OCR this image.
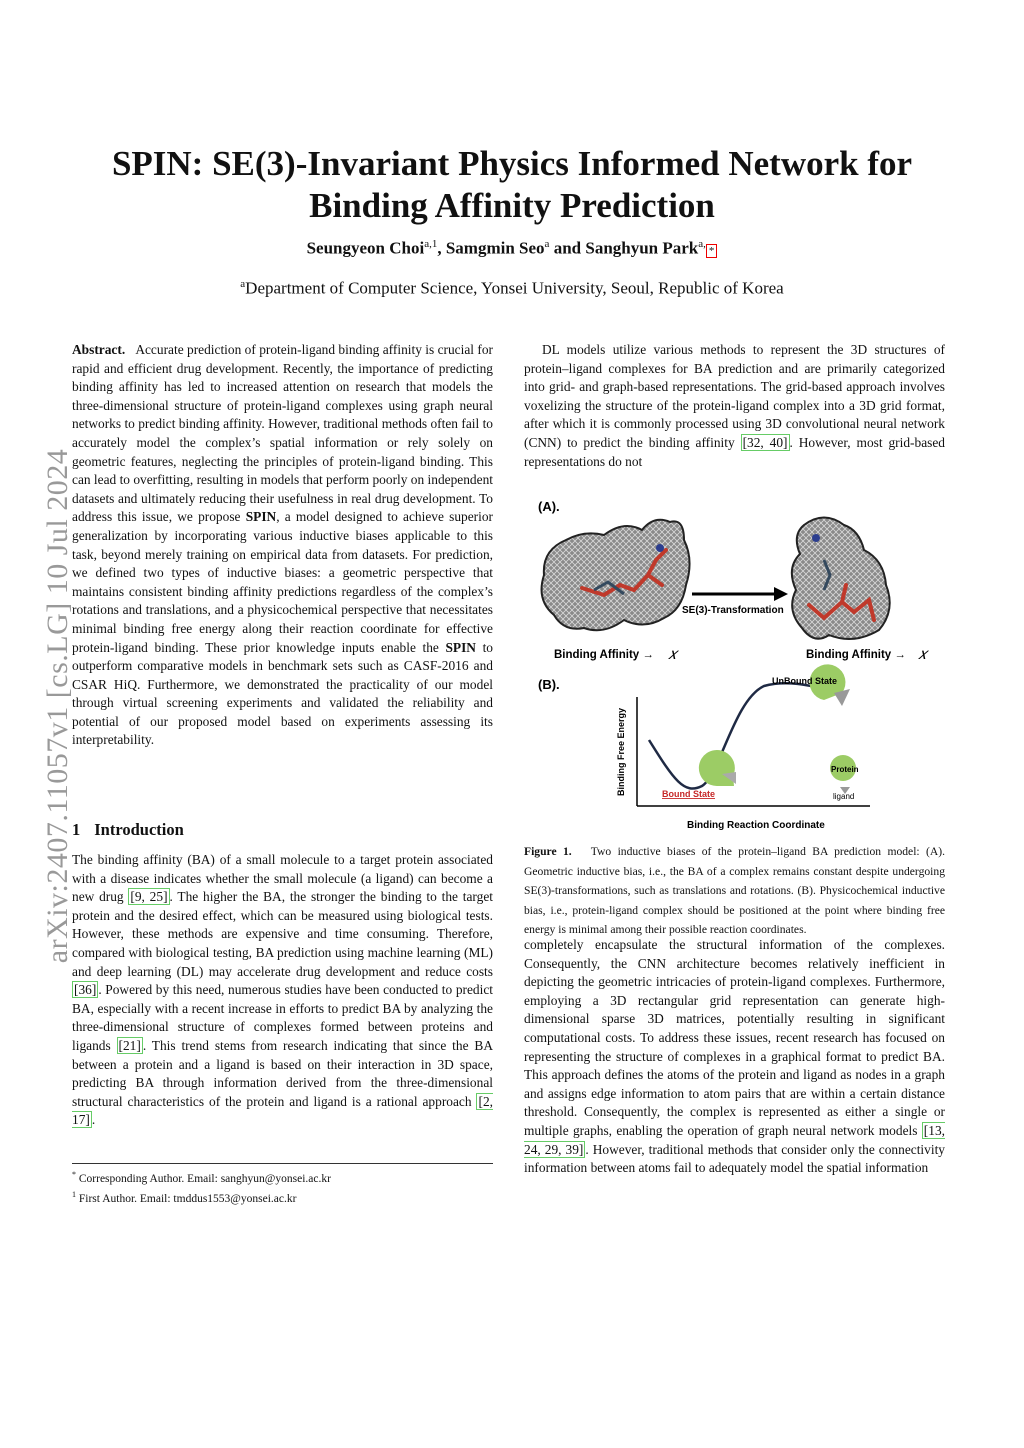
SPIN: SE(3)-Invariant Physics Informed Network for
Binding Affinity Prediction
Seungyeon Choi$^{a,1}$, Samgmin Seo$^a$ and Sanghyun Park$^{a,}$*
$^a$Department of Computer Science, Yonsei University, Seoul, Republic of Korea
arXiv:2407.11057v1 [cs.LG] 10 Jul 2024

Abstract. Accurate prediction of protein-ligand binding affinity is crucial for rapid and efficient drug development. Recently, the importance of predicting binding affinity has led to increased attention on research that models the three-dimensional structure of protein-ligand complexes using graph neural networks to predict binding affinity. However, traditional methods often fail to accurately model the complex’s spatial information or rely solely on geometric features, neglecting the principles of protein-ligand binding. This can lead to overfitting, resulting in models that perform poorly on independent datasets and ultimately reducing their usefulness in real drug development. To address this issue, we propose SPIN, a model designed to achieve superior generalization by incorporating various inductive biases applicable to this task, beyond merely training on empirical data from datasets. For prediction, we defined two types of inductive biases: a geometric perspective that maintains consistent binding affinity predictions regardless of the complex’s rotations and translations, and a physicochemical perspective that necessitates minimal binding free energy along their reaction coordinate for effective protein-ligand binding. These prior knowledge inputs enable the SPIN to outperform comparative models in benchmark sets such as CASF-2016 and CSAR HiQ. Furthermore, we demonstrated the practicality of our model through virtual screening experiments and validated the reliability and potential of our proposed model based on experiments assessing its interpretability.

1 Introduction

The binding affinity (BA) of a small molecule to a target protein associated with a disease indicates whether the small molecule (a ligand) can become a new drug [9, 25] . The higher the BA, the stronger the binding to the target protein and the desired effect, which can be measured using biological tests. However, these methods are expensive and time consuming. Therefore, compared with biological testing, BA prediction using machine learning (ML) and deep learning (DL) may accelerate drug development and reduce costs [36] . Powered by this need, numerous studies have been conducted to predict BA, especially with a recent increase in efforts to predict BA by analyzing the three-dimensional structure of complexes formed between proteins and ligands [21] . This trend stems from research indicating that since the BA between a protein and a ligand is based on their interaction in 3D space, predicting BA through information derived from the three-dimensional structural characteristics of the protein and ligand is a rational approach [2, 17] .

* Corresponding Author. Email: sanghyun@yonsei.ac.kr
$^1$ First Author. Email: tmddus1553@yonsei.ac.kr

DL models utilize various methods to represent the 3D structures of protein–ligand complexes for BA prediction and are primarily categorized into grid- and graph-based representations. The grid-based approach involves voxelizing the structure of the protein-ligand complex into a 3D grid format, after which it is commonly processed using 3D convolutional neural network (CNN) to predict the binding affinity [32, 40] . However, most grid-based representations do not

(A).
SE(3)-Transformation
Binding Affinity → 𝑥	Binding Affinity → 𝑥
(B).
Binding Free Energy
Binding Reaction Coordinate
UnBound State
Bound State
Protein
ligand
Figure 1. Two inductive biases of the protein–ligand BA prediction model: (A). Geometric inductive bias, i.e., the BA of a complex remains constant despite undergoing SE(3)-transformations, such as translations and rotations. (B). Physicochemical inductive bias, i.e., protein-ligand complex should be positioned at the point where binding free energy is minimal among their possible reaction coordinates.

completely encapsulate the structural information of the complexes. Consequently, the CNN architecture becomes relatively inefficient in depicting the geometric intricacies of protein-ligand complexes. Furthermore, employing a 3D rectangular grid representation can generate high-dimensional sparse 3D matrices, potentially resulting in significant computational costs. To address these issues, recent research has focused on representing the structure of complexes in a graphical format to predict BA. This approach defines the atoms of the protein and ligand as nodes in a graph and assigns edge information to atom pairs that are within a certain distance threshold. Consequently, the complex is represented as either a single or multiple graphs, enabling the operation of graph neural network models [13, 24, 29, 39] . However, traditional methods that consider only the connectivity information between atoms fail to adequately model the spatial information
